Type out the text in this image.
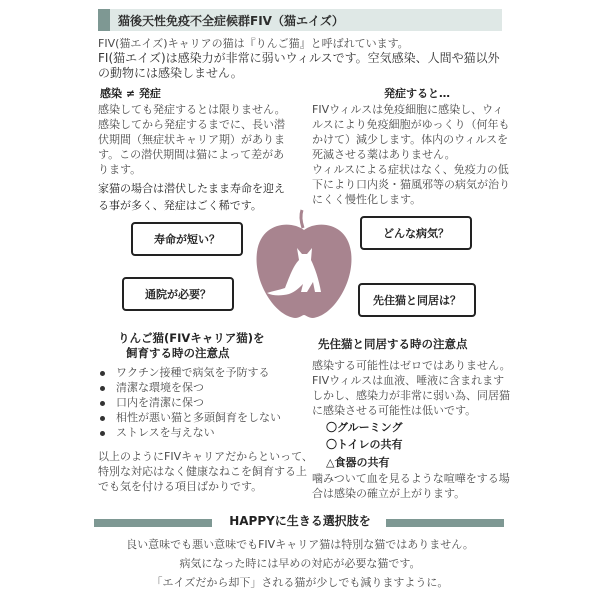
猫後天性免疫不全症候群FIV（猫エイズ）
FIV(猫エイズ)キャリアの猫は『りんご猫』と呼ばれています。
FI(猫エイズ)は感染力が非常に弱いウィルスです。空気感染、人間や猫以外
の動物には感染しません。
感染 ≠ 発症
感染しても発症するとは限りません。
感染してから発症するまでに、長い潜
伏期間（無症状キャリア期）がありま
す。この潜伏期間は猫によって差があ
ります。
家猫の場合は潜伏したまま寿命を迎え
る事が多く、発症はごく稀です。
発症すると…
FIVウィルスは免疫細胞に感染し、ウィ
ルスにより免疫細胞がゆっくり（何年も
かけて）減少します。体内のウィルスを
死滅させる薬はありません。
ウィルスによる症状はなく、免疫力の低
下により口内炎・猫風邪等の病気が治り
にくく慢性化します。
寿命が短い？	どんな病気？
通院が必要？	先住猫と同居は？
りんご猫(FIVキャリア猫)を
飼育する時の注意点
ワクチン接種で病気を予防する
清潔な環境を保つ
口内を清潔に保つ
相性が悪い猫と多頭飼育をしない
ストレスを与えない
以上のようにFIVキャリアだからといって、
特別な対応はなく健康なねこを飼育する上
でも気を付ける項目ばかりです。
先住猫と同居する時の注意点
感染する可能性はゼロではありません。
FIVウィルスは血液、唾液に含まれます
しかし、感染力が非常に弱い為、同居猫
に感染させる可能性は低いです。
〇グルーミング
〇トイレの共有
△食器の共有
噛みついて血を見るような喧嘩をする場
合は感染の確立が上がります。
HAPPYに生きる選択肢を
良い意味でも悪い意味でもFIVキャリア猫は特別な猫ではありません。
病気になった時には早めの対応が必要な猫です。
「エイズだから却下」される猫が少しでも減りますように。
